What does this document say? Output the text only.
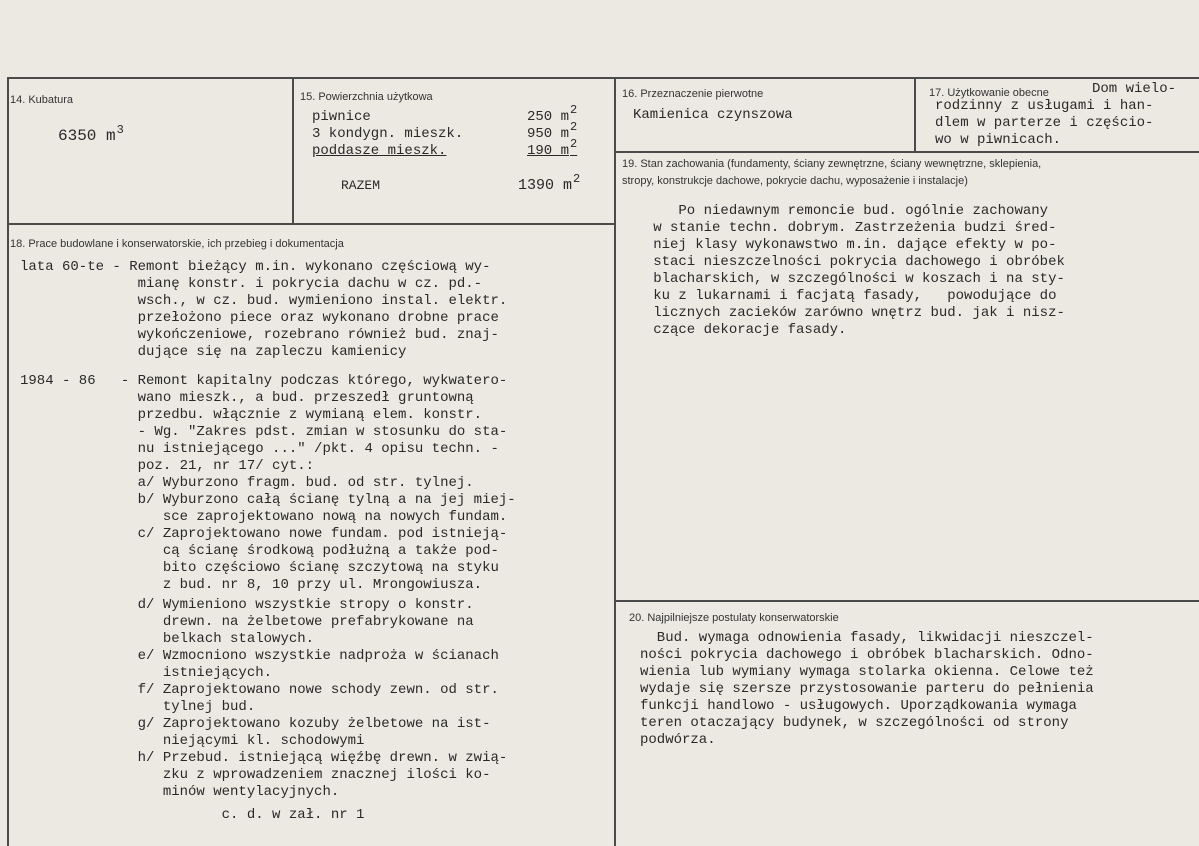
14. Kubatura
6350 $m^3$
15. Powierzchnia użytkowa
piwnice	250 m2
3 kondygn. mieszk.	950 m2
poddasze mieszk.	190 m2
RAZEM	1390 $m^2$
16. Przeznaczenie pierwotne
Kamienica czynszowa
17. Użytkowanie obecne	Dom wielo-
rodzinny z usługami i han-
dlem w parterze i częścio-
wo w piwnicach.
18. Prace budowlane i konserwatorskie, ich przebieg i dokumentacja
lata 60-te - Remont bieżący m.in. wykonano częściową wy-
mianę konstr. i pokrycia dachu w cz. pd.-
wsch., w cz. bud. wymieniono instal. elektr.
przełożono piece oraz wykonano drobne prace
wykończeniowe, rozebrano również bud. znaj-
dujące się na zapleczu kamienicy
1984 - 86   - Remont kapitalny podczas którego, wykwaterо-
wano mieszk., a bud. przeszedł gruntowną
przedbu. włącznie z wymianą elem. konstr.
- Wg. "Zakres pdst. zmian w stosunku do sta-
nu istniejącego ..." /pkt. 4 opisu techn. -
poz. 21, nr 17/ cyt.:
a/ Wyburzono fragm. bud. od str. tylnej.
b/ Wyburzono całą ścianę tylną a na jej miej-
sce zaprojektowano nową na nowych fundam.
c/ Zaprojektowano nowe fundam. pod istnieją-
cą ścianę środkową podłużną a także pod-
bito częściowo ścianę szczytową na styku
z bud. nr 8, 10 przy ul. Mrongowiusza.
d/ Wymieniono wszystkie stropy o konstr.
drewn. na żelbetowe prefabrykowane na
belkach stalowych.
e/ Wzmocniono wszystkie nadproża w ścianach
istniejących.
f/ Zaprojektowano nowe schody zewn. od str.
tylnej bud.
g/ Zaprojektowano kozuby żelbetowe na ist-
niejącymi kl. schodowymi
h/ Przebud. istniejącą więźbę drewn. w zwią-
zku z wprowadzeniem znacznej ilości ko-
minów wentylacyjnych.
c. d. w zał. nr 1
19. Stan zachowania (fundamenty, ściany zewnętrzne, ściany wewnętrzne, sklepienia,
stropy, konstrukcje dachowe, pokrycie dachu, wyposażenie i instalacje)
Po niedawnym remoncie bud. ogólnie zachowany
w stanie techn. dobrym. Zastrzeżenia budzi śred-
niej klasy wykonawstwo m.in. dające efekty w po-
staci nieszczelności pokrycia dachowego i obróbek
blacharskich, w szczególności w koszach i na sty-
ku z lukarnami i facjatą fasady,   powodujące do
licznych zacieków zarówno wnętrz bud. jak i nisz-
czące dekoracje fasady.
20. Najpilniejsze postulaty konserwatorskie
Bud. wymaga odnowienia fasady, likwidacji nieszczel-
ności pokrycia dachowego i obróbek blacharskich. Odno-
wienia lub wymiany wymaga stolarka okienna. Celowe też
wydaje się szersze przystosowanie parteru do pełnienia
funkcji handlowo - usługowych. Uporządkowania wymaga
teren otaczający budynek, w szczególności od strony
podwórza.
